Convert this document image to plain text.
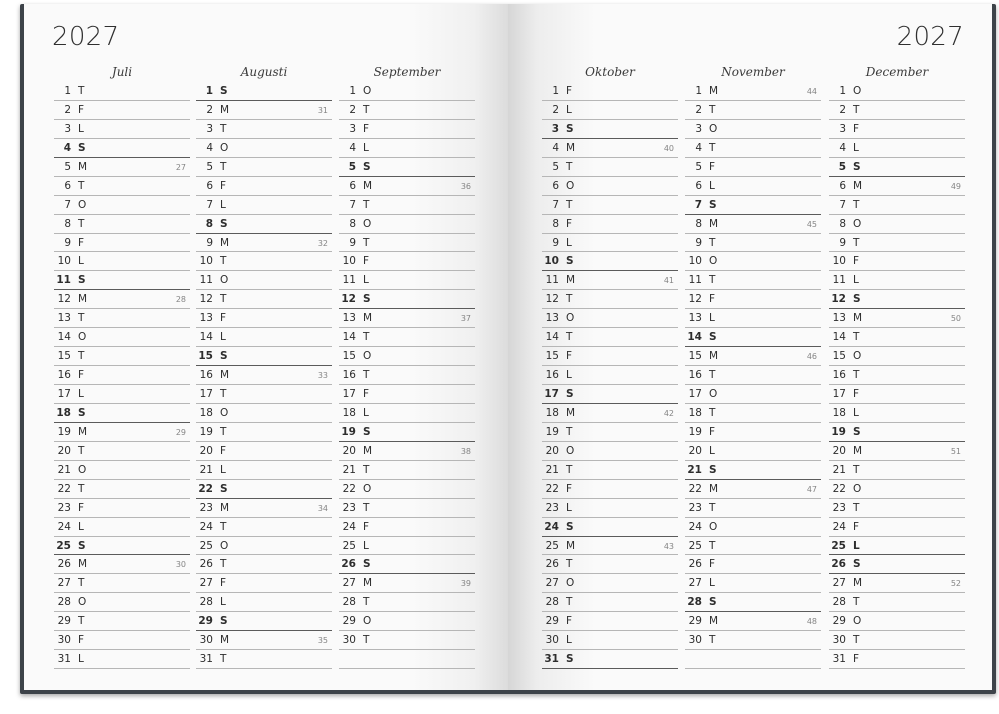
2027
Juli
1 T
2 F
3 L
4 S
5 M	27
6 T
7 O
8 T
9 F
10 L
11 S
12 M	28
13 T
14 O
15 T
16 F
17 L
18 S
19 M	29
20 T
21 O
22 T
23 F
24 L
25 S
26 M	30
27 T
28 O
29 T
30 F
31 L
Augusti
1 S
2 M	31
3 T
4 O
5 T
6 F
7 L
8 S
9 M	32
10 T
11 O
12 T
13 F
14 L
15 S
16 M	33
17 T
18 O
19 T
20 F
21 L
22 S
23 M	34
24 T
25 O
26 T
27 F
28 L
29 S
30 M	35
31 T
September
1 O
2 T
3 F
4 L
5 S
6 M	36
7 T
8 O
9 T
10 F
11 L
12 S
13 M	37
14 T
15 O
16 T
17 F
18 L
19 S
20 M	38
21 T
22 O
23 T
24 F
25 L
26 S
27 M	39
28 T
29 O
30 T
2027
Oktober
1 F
2 L
3 S
4 M	40
5 T
6 O
7 T
8 F
9 L
10 S
11 M	41
12 T
13 O
14 T
15 F
16 L
17 S
18 M	42
19 T
20 O
21 T
22 F
23 L
24 S
25 M	43
26 T
27 O
28 T
29 F
30 L
31 S
November
1 M	44
2 T
3 O
4 T
5 F
6 L
7 S
8 M	45
9 T
10 O
11 T
12 F
13 L
14 S
15 M	46
16 T
17 O
18 T
19 F
20 L
21 S
22 M	47
23 T
24 O
25 T
26 F
27 L
28 S
29 M	48
30 T
December
1 O
2 T
3 F
4 L
5 S
6 M	49
7 T
8 O
9 T
10 F
11 L
12 S
13 M	50
14 T
15 O
16 T
17 F
18 L
19 S
20 M	51
21 T
22 O
23 T
24 F
25 L
26 S
27 M	52
28 T
29 O
30 T
31 F
